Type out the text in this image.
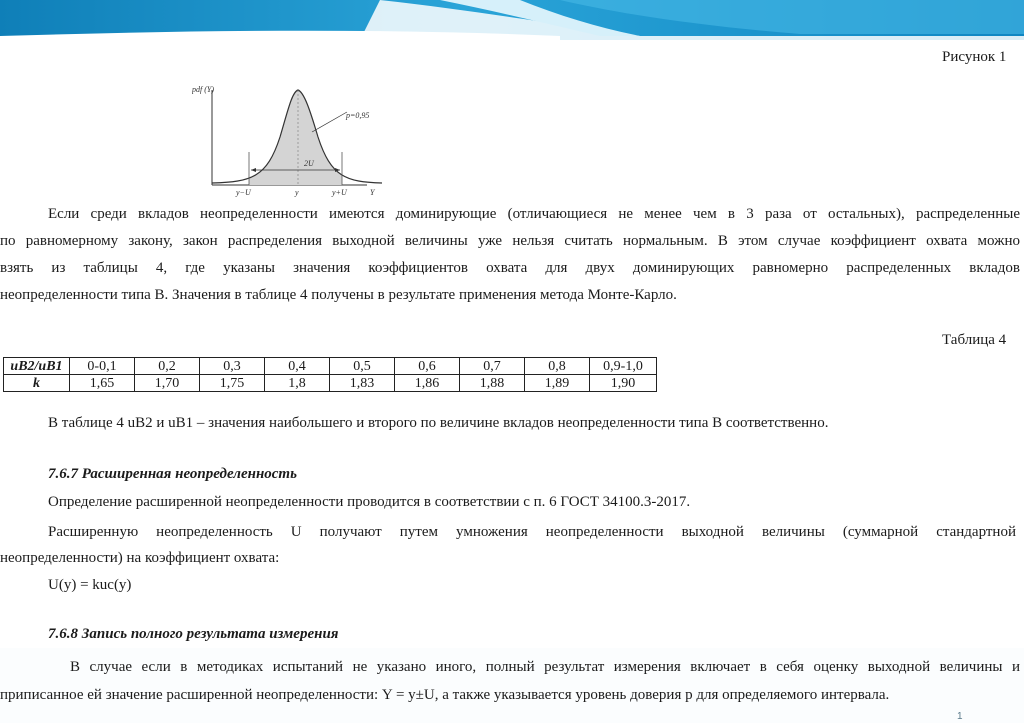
Рисунок 1
pdf (Y)
p=0,95
2U
y−U	y	y+U	Y
Если среди вкладов неопределенности имеются доминирующие (отличающиеся не менее чем в 3 раза от остальных), распределенные
по равномерному закону, закон распределения выходной величины уже нельзя считать нормальным. В этом случае коэффициент охвата можно
взять из таблицы 4, где указаны значения коэффициентов охвата для двух доминирующих равномерно распределенных вкладов
неопределенности типа В. Значения в таблице 4 получены в результате применения метода Монте-Карло.
Таблица 4
uB2/uB1	0-0,1	0,2	0,3	0,4	0,5	0,6	0,7	0,8	0,9-1,0
k	1,65	1,70	1,75	1,8	1,83	1,86	1,88	1,89	1,90
В таблице 4 uB2 и uB1 – значения наибольшего и второго по величине вкладов неопределенности типа В соответственно.
7.6.7 Расширенная неопределенность
Определение расширенной неопределенности проводится в соответствии с п. 6 ГОСТ 34100.3-2017.
Расширенную неопределенность U получают путем умножения неопределенности выходной величины (суммарной стандартной
неопределенности) на коэффициент охвата:
U(y) = kuc(y)
7.6.8 Запись полного результата измерения
В случае если в методиках испытаний не указано иного, полный результат измерения включает в себя оценку выходной величины и
приписанное ей значение расширенной неопределенности: Y = y±U, а также указывается уровень доверия p для определяемого интервала.
1
